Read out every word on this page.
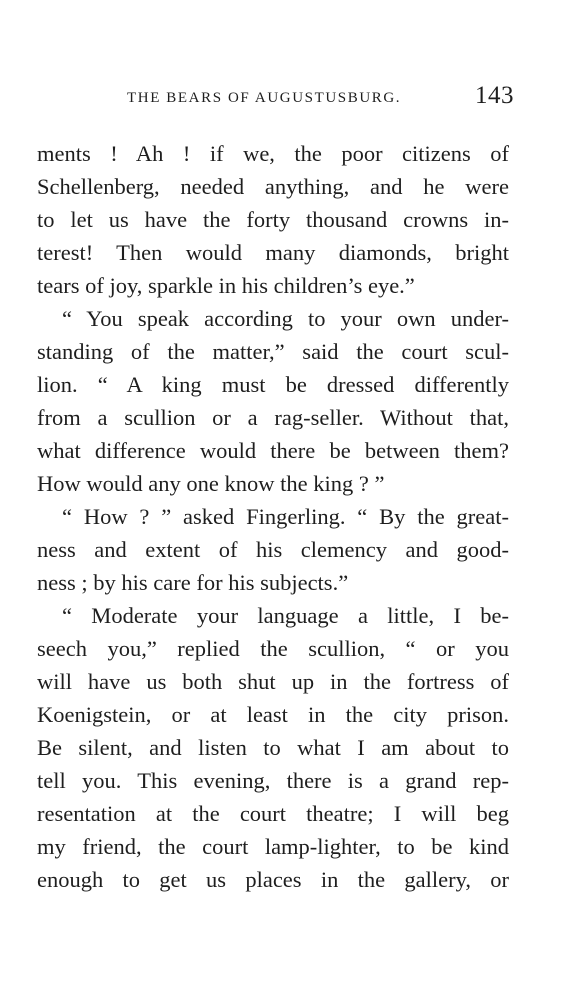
THE BEARS OF AUGUSTUSBURG.	143
ments ! Ah ! if we, the poor citizens of
Schellenberg, needed anything, and he were
to let us have the forty thousand crowns in-
terest! Then would many diamonds, bright
tears of joy, sparkle in his children’s eye.”
“ You speak according to your own under-
standing of the matter,” said the court scul-
lion. “ A king must be dressed differently
from a scullion or a rag-seller. Without that,
what difference would there be between them?
How would any one know the king ? ”
“ How ? ” asked Fingerling. “ By the great-
ness and extent of his clemency and good-
ness ; by his care for his subjects.”
“ Moderate your language a little, I be-
seech you,” replied the scullion, “ or you
will have us both shut up in the fortress of
Koenigstein, or at least in the city prison.
Be silent, and listen to what I am about to
tell you. This evening, there is a grand rep-
resentation at the court theatre; I will beg
my friend, the court lamp-lighter, to be kind
enough to get us places in the gallery, or
